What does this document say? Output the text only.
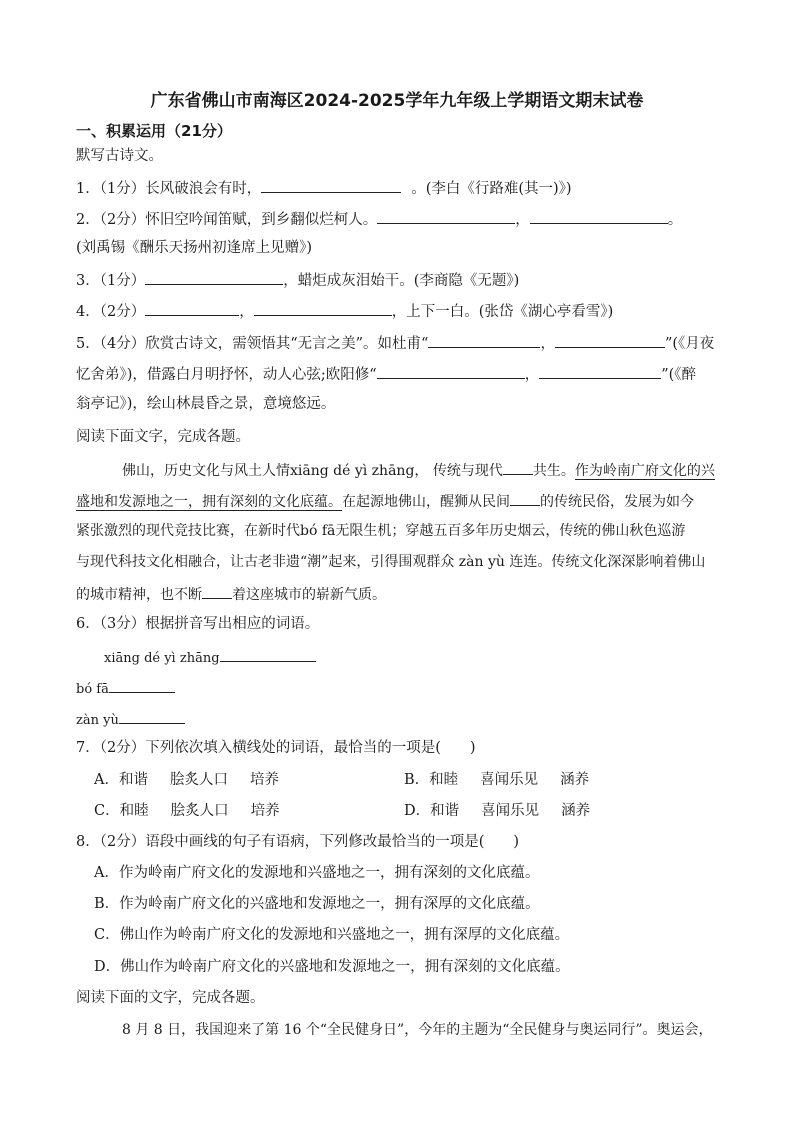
广东省佛山市南海区2024-2025学年九年级上学期语文期末试卷
一、积累运用（21分）
默写古诗文。
1．（1分）长风破浪会有时，	。(李白《行路难(其一)》)
2．（2分）怀旧空吟闻笛赋，到乡翻似烂柯人。	，	。
(刘禹锡《酬乐天扬州初逢席上见赠》)
3．（1分）	，蜡炬成灰泪始干。(李商隐《无题》)
4．（2分）	，	，上下一白。(张岱《湖心亭看雪》)
5．（4分）欣赏古诗文，需领悟其“无言之美”。如杜甫“	，	”(《月夜
忆舍弟》)，借露白月明抒怀，动人心弦;欧阳修“	，	”(《醉
翁亭记》)，绘山林晨昏之景，意境悠远。
阅读下面文字，完成各题。
佛山，历史文化与风土人情xiāng dé yì zhāng， 传统与现代 共生。作为岭南广府文化的兴
盛地和发源地之一，拥有深刻的文化底蕴。在起源地佛山，醒狮从民间 的传统民俗，发展为如今
紧张激烈的现代竞技比赛，在新时代bó fā无限生机；穿越五百多年历史烟云，传统的佛山秋色巡游
与现代科技文化相融合，让古老非遗“潮”起来，引得围观群众 zàn yù 连连。传统文化深深影响着佛山
的城市精神，也不断 着这座城市的崭新气质。
6．（3分）根据拼音写出相应的词语。
xiāng dé yì zhāng
bó fā
zàn yù
7．（2分）下列依次填入横线处的词语，最恰当的一项是(　　)
A．和谐 脍炙人口 培养	B．和睦 喜闻乐见 涵养
C．和睦 脍炙人口 培养	D．和谐 喜闻乐见 涵养
8．（2分）语段中画线的句子有语病，下列修改最恰当的一项是(　　)
A．作为岭南广府文化的发源地和兴盛地之一，拥有深刻的文化底蕴。
B．作为岭南广府文化的兴盛地和发源地之一，拥有深厚的文化底蕴。
C．佛山作为岭南广府文化的发源地和兴盛地之一，拥有深厚的文化底蕴。
D．佛山作为岭南广府文化的兴盛地和发源地之一，拥有深刻的文化底蕴。
阅读下面的文字，完成各题。
8 月 8 日，我国迎来了第 16 个“全民健身日”，今年的主题为“全民健身与奥运同行”。奥运会，
